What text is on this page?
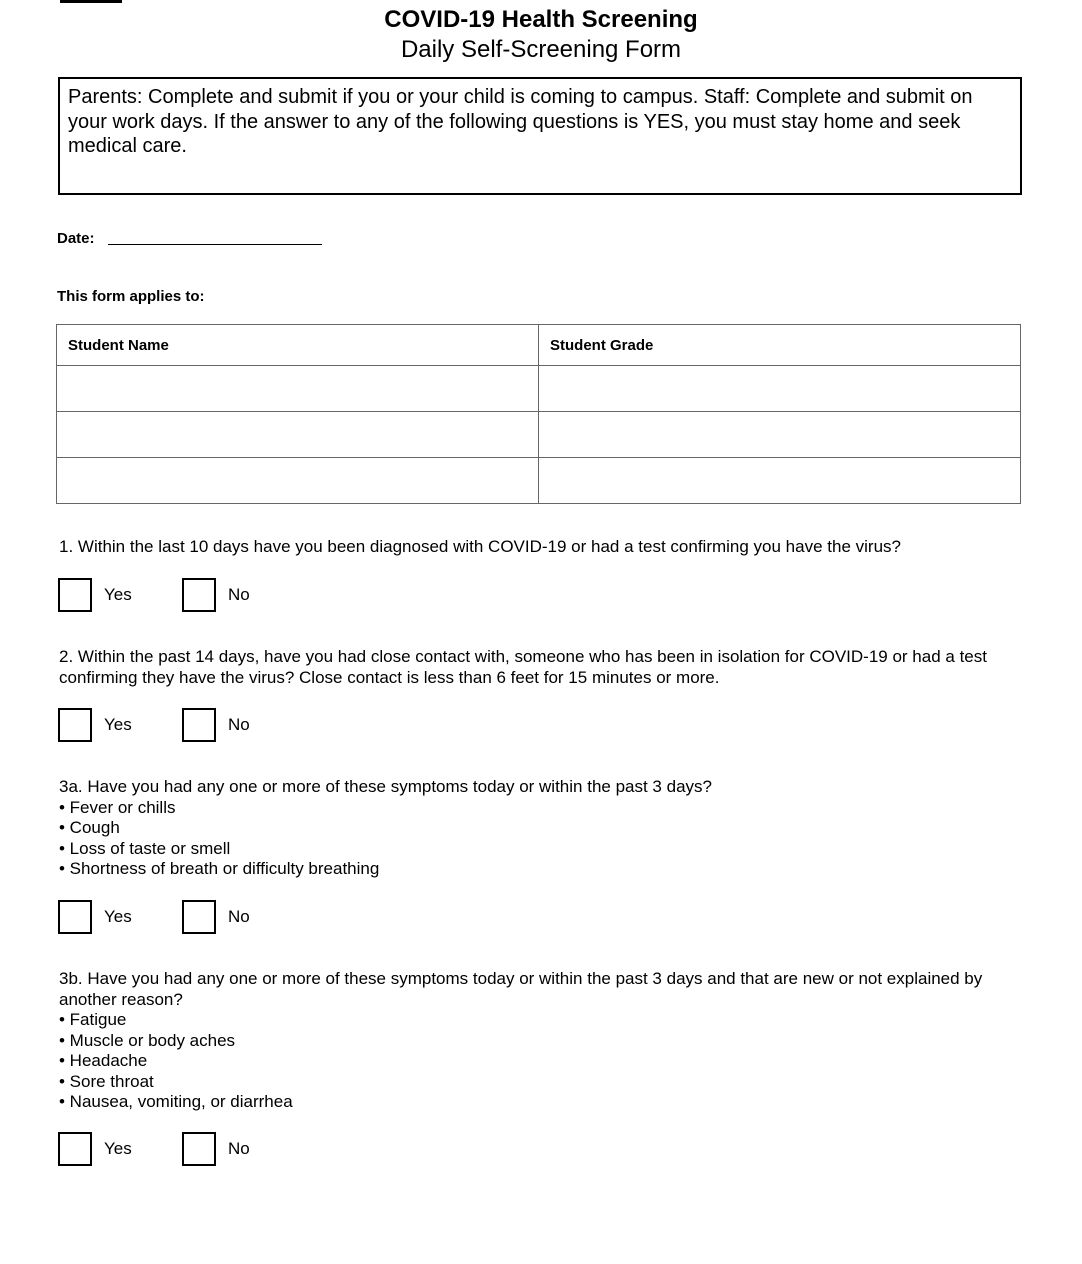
COVID-19 Health Screening
Daily Self-Screening Form
Parents: Complete and submit if you or your child is coming to campus. Staff: Complete and submit on your work days. If the answer to any of the following questions is YES, you must stay home and seek medical care.
Date:
This form applies to:
Student Name	Student Grade

1. Within the last 10 days have you been diagnosed with COVID-19 or had a test confirming you have the virus?
Yes	No
2. Within the past 14 days, have you had close contact with, someone who has been in isolation for COVID-19 or had a test confirming they have the virus? Close contact is less than 6 feet for 15 minutes or more.
Yes	No
3a. Have you had any one or more of these symptoms today or within the past 3 days?
• Fever or chills
• Cough
• Loss of taste or smell
• Shortness of breath or difficulty breathing
Yes	No
3b. Have you had any one or more of these symptoms today or within the past 3 days and that are new or not explained by another reason?
• Fatigue
• Muscle or body aches
• Headache
• Sore throat
• Nausea, vomiting, or diarrhea
Yes	No
